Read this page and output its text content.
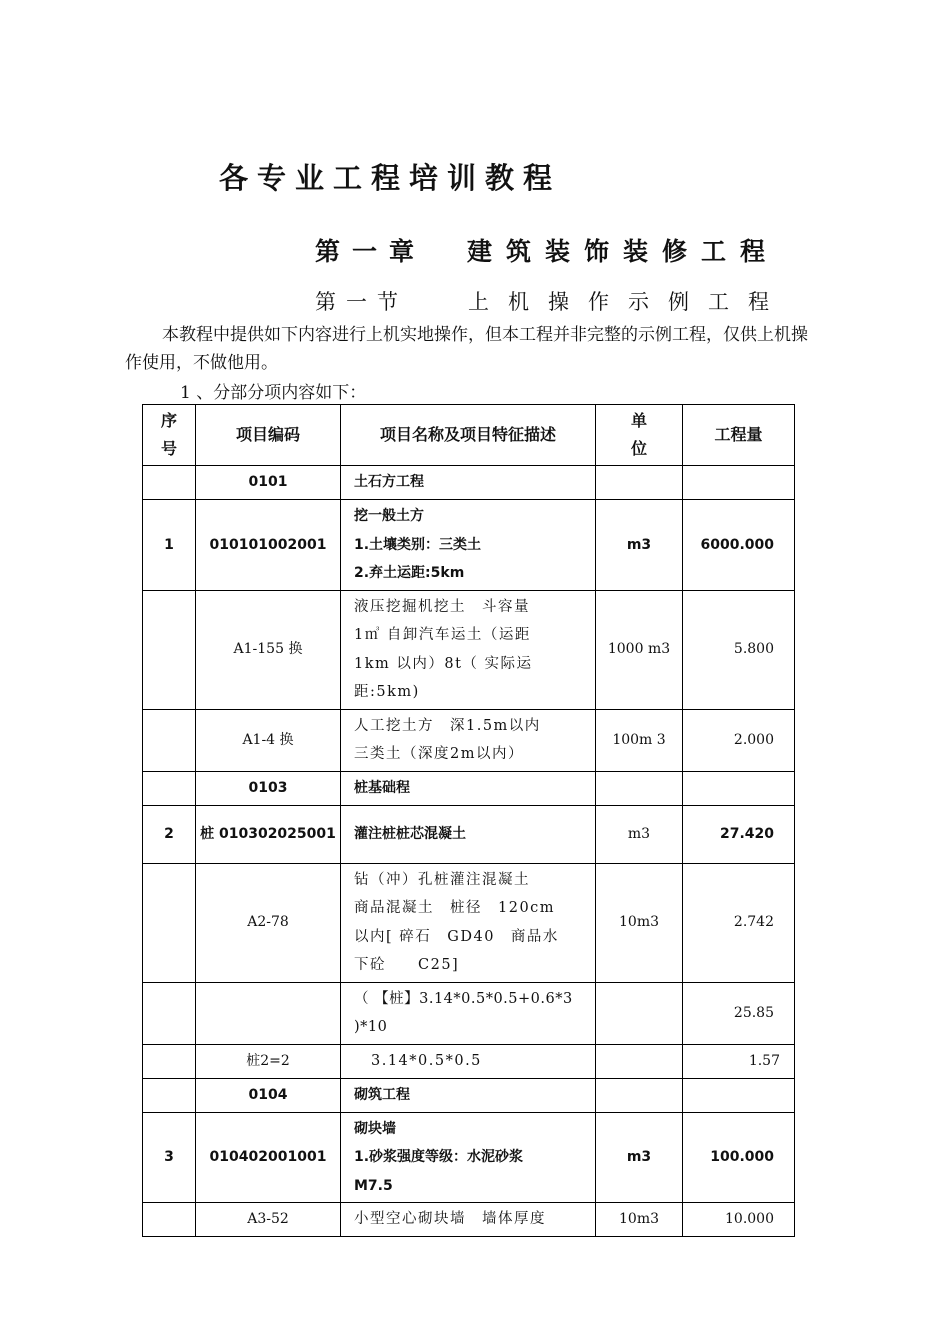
各专业工程培训教程
第一章	建筑装饰装修工程
第一节	上机操作示例工程

本教程中提供如下内容进行上机实地操作，但本工程并非完整的示例工程，仅供上机操作使用，不做他用。

1 、分部分项内容如下：
序
号	项目编码	项目名称及项目特征描述	单
位	工程量
	0101	土石方工程		
1	010101002001	挖一般土方
1.土壤类别：三类土
2.弃土运距:5km	m3	6000.000
	A1-155 换	液压挖掘机挖土　斗容量
1㎥ 自卸汽车运土（运距
1km 以内）8t（ 实际运
距:5km)	1000 m3	5.800
	A1-4 换	人工挖土方　深1.5m以内
三类土（深度2m以内）	100m 3	2.000
	0103	桩基础程		
2	桩 010302025001	灌注桩桩芯混凝土	m3	27.420
	A2-78	钻（冲）孔桩灌注混凝土
商品混凝土　桩径　120cm
以内[ 碎石　GD40　商品水
下砼　　C25]	10m3	2.742
		（ 【桩】3.14*0.5*0.5+0.6*3
)*10		25.85
	桩2=2	3.14*0.5*0.5		1.57
	0104	砌筑工程		
3	010402001001	砌块墙
1.砂浆强度等级：水泥砂浆
M7.5	m3	100.000
	A3-52	小型空心砌块墙　墙体厚度	10m3	10.000
